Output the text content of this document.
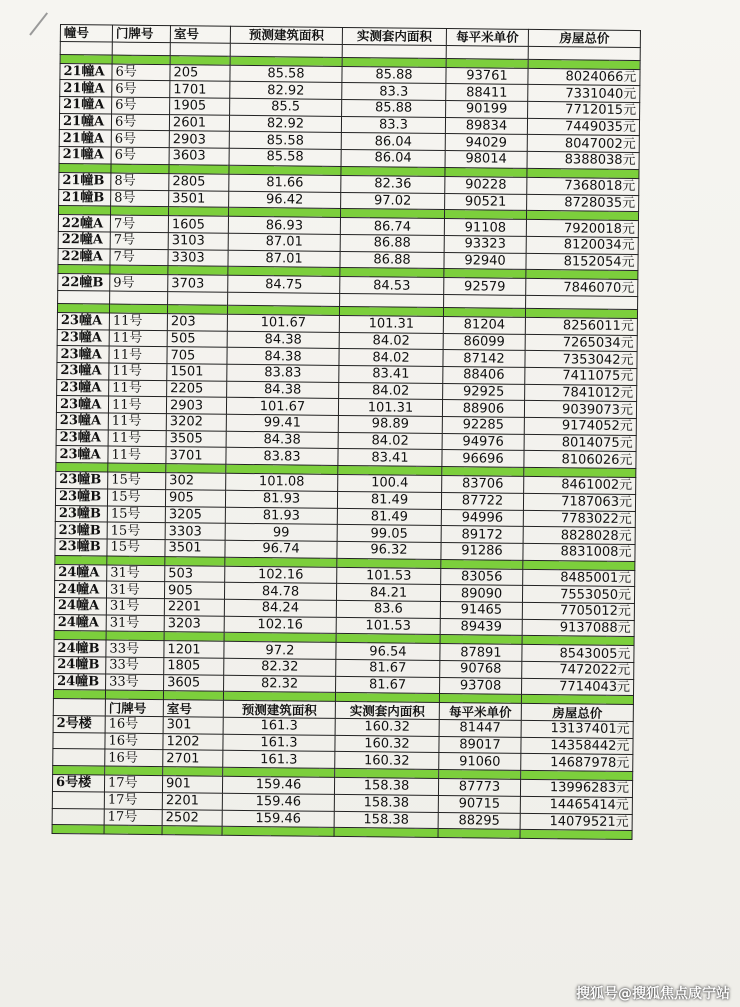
幢号	门牌号	室号	预测建筑面积	实测套内面积	每平米单价	房屋总价

21幢A	6号	205	85.58	85.88	93761	8024066元
21幢A	6号	1701	82.92	83.3	88411	7331040元
21幢A	6号	1905	85.5	85.88	90199	7712015元
21幢A	6号	2601	82.92	83.3	89834	7449035元
21幢A	6号	2903	85.58	86.04	94029	8047002元
21幢A	6号	3603	85.58	86.04	98014	8388038元

21幢B	8号	2805	81.66	82.36	90228	7368018元
21幢B	8号	3501	96.42	97.02	90521	8728035元

22幢A	7号	1605	86.93	86.74	91108	7920018元
22幢A	7号	3103	87.01	86.88	93323	8120034元
22幢A	7号	3303	87.01	86.88	92940	8152054元

22幢B	9号	3703	84.75	84.53	92579	7846070元

23幢A	11号	203	101.67	101.31	81204	8256011元
23幢A	11号	505	84.38	84.02	86099	7265034元
23幢A	11号	705	84.38	84.02	87142	7353042元
23幢A	11号	1501	83.83	83.41	88406	7411075元
23幢A	11号	2205	84.38	84.02	92925	7841012元
23幢A	11号	2903	101.67	101.31	88906	9039073元
23幢A	11号	3202	99.41	98.89	92285	9174052元
23幢A	11号	3505	84.38	84.02	94976	8014075元
23幢A	11号	3701	83.83	83.41	96696	8106026元

23幢B	15号	302	101.08	100.4	83706	8461002元
23幢B	15号	905	81.93	81.49	87722	7187063元
23幢B	15号	3205	81.93	81.49	94996	7783022元
23幢B	15号	3303	99	99.05	89172	8828028元
23幢B	15号	3501	96.74	96.32	91286	8831008元

24幢A	31号	503	102.16	101.53	83056	8485001元
24幢A	31号	905	84.78	84.21	89090	7553050元
24幢A	31号	2201	84.24	83.6	91465	7705012元
24幢A	31号	3203	102.16	101.53	89439	9137088元

24幢B	33号	1201	97.2	96.54	87891	8543005元
24幢B	33号	1805	82.32	81.67	90768	7472022元
24幢B	33号	3605	82.32	81.67	93708	7714043元

	门牌号	室号	预测建筑面积	实测套内面积	每平米单价	房屋总价
2号楼	16号	301	161.3	160.32	81447	13137401元
	16号	1202	161.3	160.32	89017	14358442元
	16号	2701	161.3	160.32	91060	14687978元

6号楼	17号	901	159.46	158.38	87773	13996283元
	17号	2201	159.46	158.38	90715	14465414元
	17号	2502	159.46	158.38	88295	14079521元

搜狐号@搜狐焦点咸宁站
